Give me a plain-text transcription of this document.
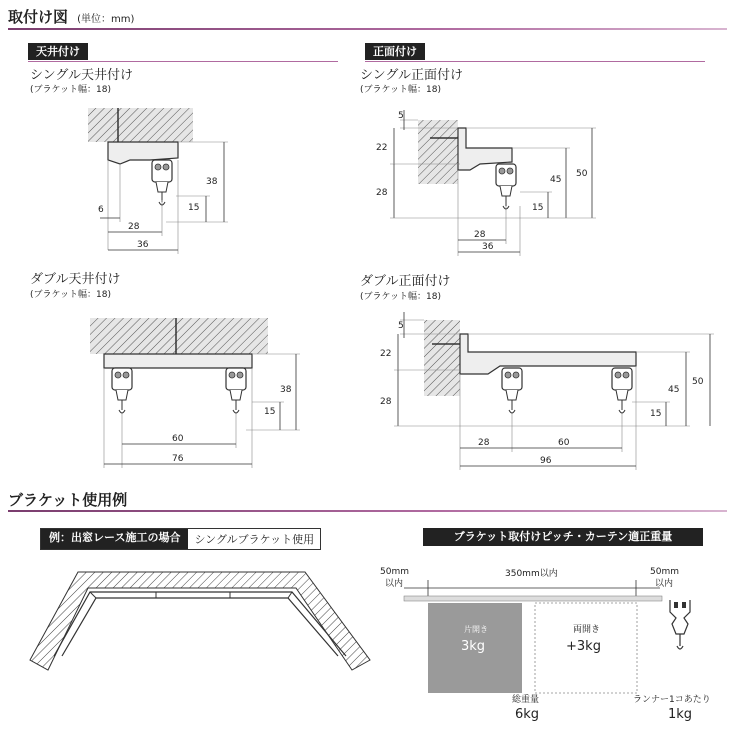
取付け図 (単位：mm)
天井付け	正面付け
シングル天井付け
(ブラケット幅：18)
シングル正面付け
(ブラケット幅：18)
ダブル天井付け
(ブラケット幅：18)
ダブル正面付け
(ブラケット幅：18)
38
15
6
28
36
38
15
60
76
5
22
28
45
50
15
28
36
5
22
28
45
50
15
28	60
96
ブラケット使用例
例：出窓レース施工の場合	シングルブラケット使用	ブラケット取付けピッチ・カーテン適正重量
50mm
以内
50mm
以内
350mm以内
片開き
3kg
両開き
+3kg
総重量
6kg
ランナー1コあたり
1kg
